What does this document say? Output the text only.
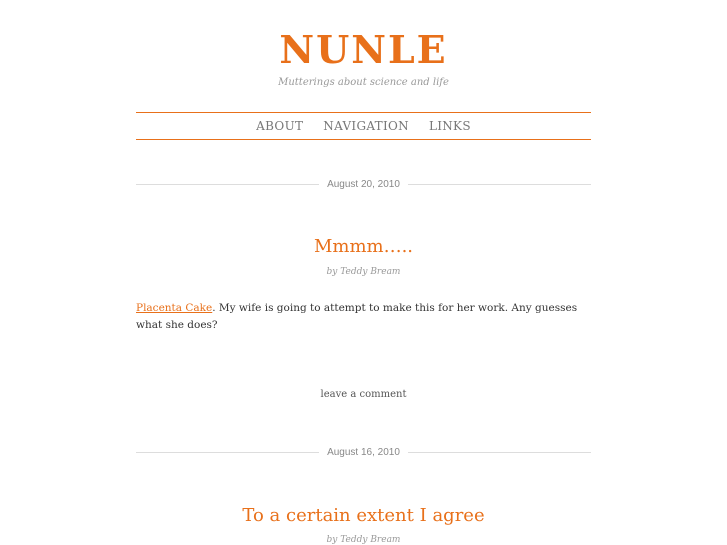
NUNLE
Mutterings about science and life
ABOUT NAVIGATION LINKS
August 20, 2010
Mmmm…..
by Teddy Bream
Placenta Cake. My wife is going to attempt to make this for her work. Any guesses what she does?
leave a comment
August 16, 2010
To a certain extent I agree
by Teddy Bream
